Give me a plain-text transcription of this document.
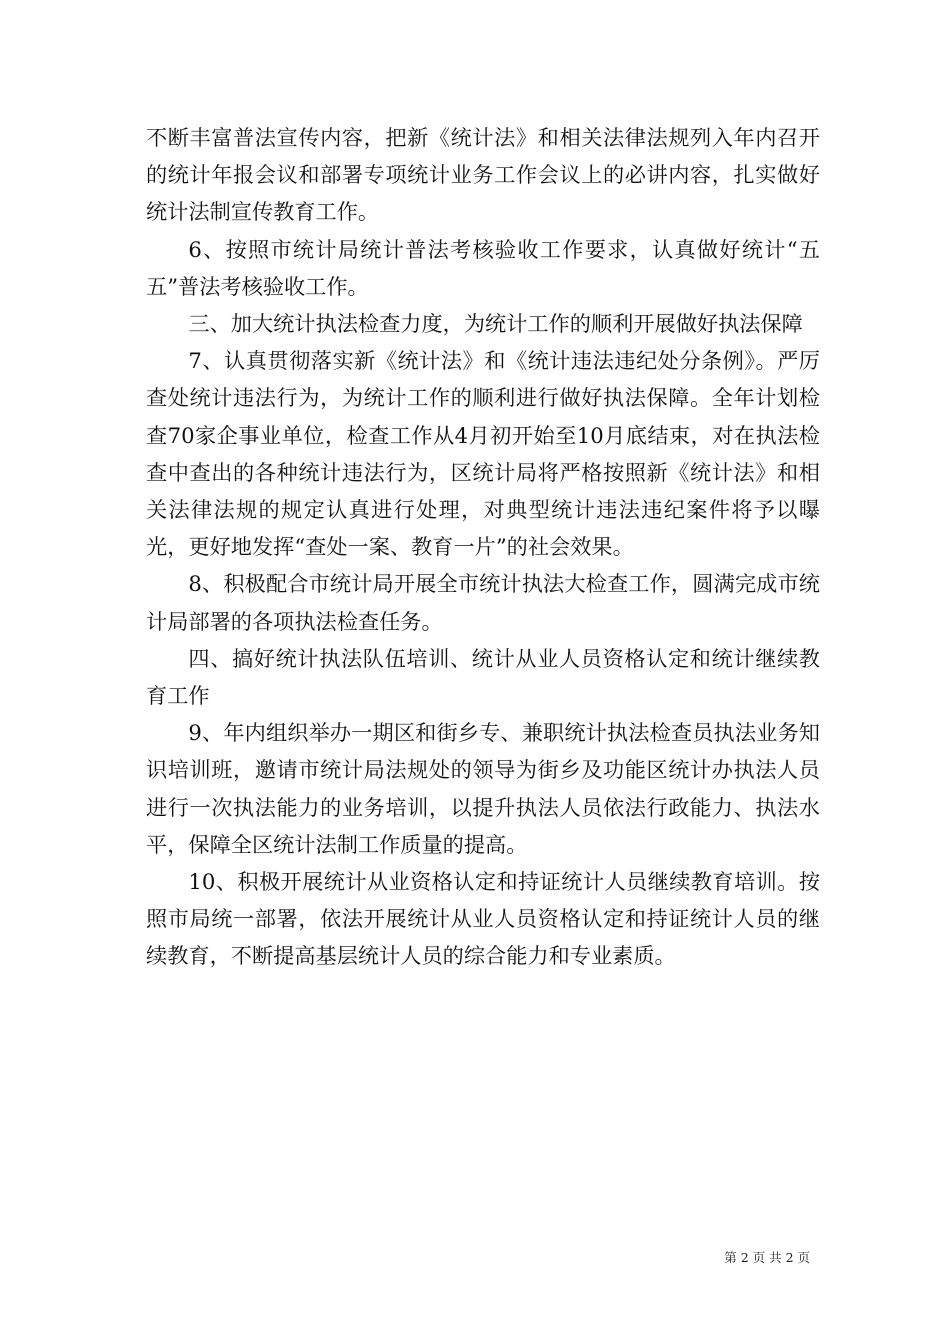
不断丰富普法宣传内容，把新《统计法》和相关法律法规列入年内召开的统计年报会议和部署专项统计业务工作会议上的必讲内容，扎实做好统计法制宣传教育工作。

6、按照市统计局统计普法考核验收工作要求，认真做好统计“五五”普法考核验收工作。

三、加大统计执法检查力度，为统计工作的顺利开展做好执法保障

7、认真贯彻落实新《统计法》和《统计违法违纪处分条例》。严厉查处统计违法行为，为统计工作的顺利进行做好执法保障。全年计划检查70家企事业单位，检查工作从4月初开始至10月底结束，对在执法检查中查出的各种统计违法行为，区统计局将严格按照新《统计法》和相关法律法规的规定认真进行处理，对典型统计违法违纪案件将予以曝光，更好地发挥“查处一案、教育一片”的社会效果。

8、积极配合市统计局开展全市统计执法大检查工作，圆满完成市统计局部署的各项执法检查任务。

四、搞好统计执法队伍培训、统计从业人员资格认定和统计继续教育工作

9、年内组织举办一期区和街乡专、兼职统计执法检查员执法业务知识培训班，邀请市统计局法规处的领导为街乡及功能区统计办执法人员进行一次执法能力的业务培训，以提升执法人员依法行政能力、执法水平，保障全区统计法制工作质量的提高。

10、积极开展统计从业资格认定和持证统计人员继续教育培训。按照市局统一部署，依法开展统计从业人员资格认定和持证统计人员的继续教育，不断提高基层统计人员的综合能力和专业素质。

第 2 页 共 2 页
